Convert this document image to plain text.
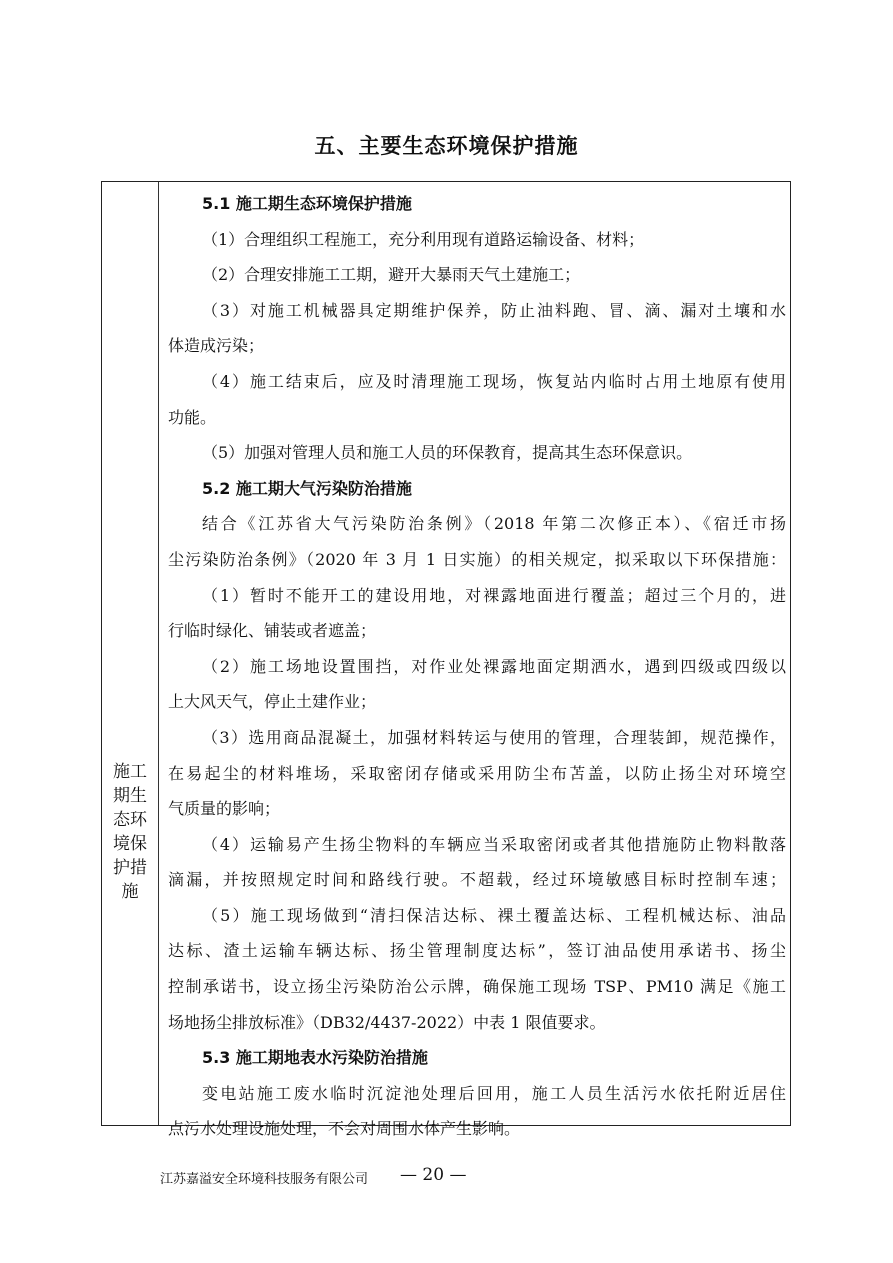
五、主要生态环境保护措施
施工
期生
态环
境保
护措
施
5.1 施工期生态环境保护措施
（1）合理组织工程施工，充分利用现有道路运输设备、材料；
（2）合理安排施工工期，避开大暴雨天气土建施工；
（3）对施工机械器具定期维护保养，防止油料跑、冒、滴、漏对土壤和水
体造成污染；
（4）施工结束后，应及时清理施工现场，恢复站内临时占用土地原有使用
功能。
（5）加强对管理人员和施工人员的环保教育，提高其生态环保意识。
5.2 施工期大气污染防治措施
结合《江苏省大气污染防治条例》（2018 年第二次修正本）、《宿迁市扬
尘污染防治条例》（2020 年 3 月 1 日实施）的相关规定，拟采取以下环保措施：
（1）暂时不能开工的建设用地，对裸露地面进行覆盖；超过三个月的，进
行临时绿化、铺装或者遮盖；
（2）施工场地设置围挡，对作业处裸露地面定期洒水，遇到四级或四级以
上大风天气，停止土建作业；
（3）选用商品混凝土，加强材料转运与使用的管理，合理装卸，规范操作，
在易起尘的材料堆场，采取密闭存储或采用防尘布苫盖，以防止扬尘对环境空
气质量的影响；
（4）运输易产生扬尘物料的车辆应当采取密闭或者其他措施防止物料散落
滴漏，并按照规定时间和路线行驶。不超载，经过环境敏感目标时控制车速；
（5）施工现场做到“清扫保洁达标、裸土覆盖达标、工程机械达标、油品
达标、渣土运输车辆达标、扬尘管理制度达标”，签订油品使用承诺书、扬尘
控制承诺书，设立扬尘污染防治公示牌，确保施工现场 TSP、PM10 满足《施工
场地扬尘排放标准》（DB32/4437-2022）中表 1 限值要求。
5.3 施工期地表水污染防治措施
变电站施工废水临时沉淀池处理后回用，施工人员生活污水依托附近居住
点污水处理设施处理，不会对周围水体产生影响。
江苏嘉溢安全环境科技服务有限公司 — 20 —
